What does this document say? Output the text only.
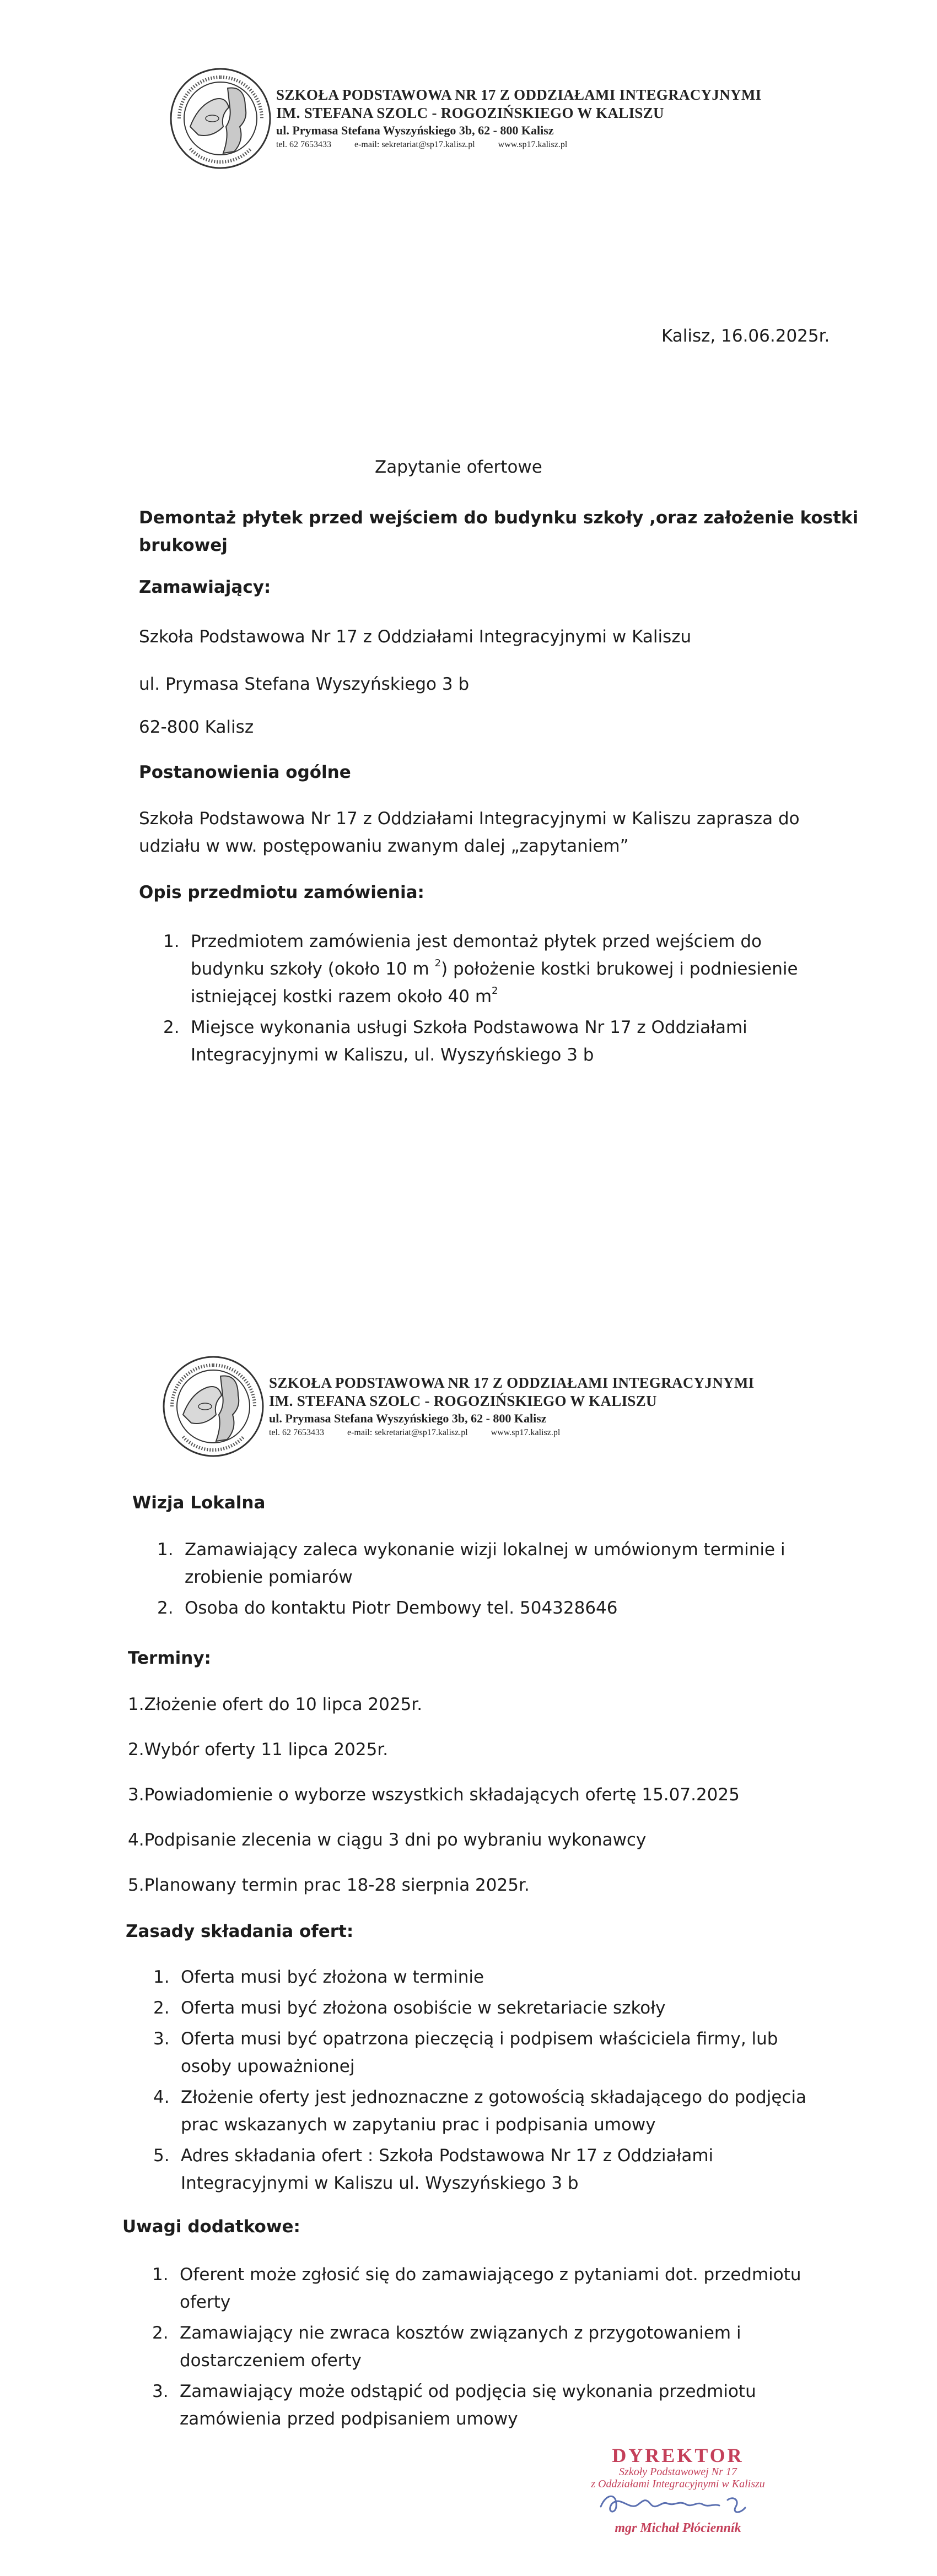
SZKOŁA PODSTAWOWA NR 17 Z ODDZIAŁAMI INTEGRACYJNYMI
IM. STEFANA SZOLC - ROGOZIŃSKIEGO W KALISZU
ul. Prymasa Stefana Wyszyńskiego 3b, 62 - 800 Kalisz
tel. 62 7653433	e-mail: sekretariat@sp17.kalisz.pl	www.sp17.kalisz.pl
Kalisz, 16.06.2025r.
Zapytanie ofertowe
Demontaż płytek przed wejściem do budynku szkoły ,oraz założenie kostki
brukowej
Zamawiający:
Szkoła Podstawowa Nr 17 z Oddziałami Integracyjnymi w Kaliszu
ul. Prymasa Stefana Wyszyńskiego 3 b
62-800 Kalisz
Postanowienia ogólne
Szkoła Podstawowa Nr 17 z Oddziałami Integracyjnymi w Kaliszu zaprasza do
udziału w ww. postępowaniu zwanym dalej „zapytaniem”
Opis przedmiotu zamówienia:
1. Przedmiotem zamówienia jest demontaż płytek przed wejściem do
budynku szkoły (około 10 m $^2$) położenie kostki brukowej i podniesienie
istniejącej kostki razem około 40 $m^2$
2. Miejsce wykonania usługi Szkoła Podstawowa Nr 17 z Oddziałami
Integracyjnymi w Kaliszu, ul. Wyszyńskiego 3 b
SZKOŁA PODSTAWOWA NR 17 Z ODDZIAŁAMI INTEGRACYJNYMI
IM. STEFANA SZOLC - ROGOZIŃSKIEGO W KALISZU
ul. Prymasa Stefana Wyszyńskiego 3b, 62 - 800 Kalisz
tel. 62 7653433	e-mail: sekretariat@sp17.kalisz.pl	www.sp17.kalisz.pl
Wizja Lokalna
1. Zamawiający zaleca wykonanie wizji lokalnej w umówionym terminie i
zrobienie pomiarów
2. Osoba do kontaktu Piotr Dembowy tel. 504328646
Terminy:
1.Złożenie ofert do 10 lipca 2025r.
2.Wybór oferty 11 lipca 2025r.
3.Powiadomienie o wyborze wszystkich składających ofertę 15.07.2025
4.Podpisanie zlecenia w ciągu 3 dni po wybraniu wykonawcy
5.Planowany termin prac 18-28 sierpnia 2025r.
Zasady składania ofert:
1. Oferta musi być złożona w terminie
2. Oferta musi być złożona osobiście w sekretariacie szkoły
3. Oferta musi być opatrzona pieczęcią i podpisem właściciela firmy, lub
osoby upoważnionej
4. Złożenie oferty jest jednoznaczne z gotowością składającego do podjęcia
prac wskazanych w zapytaniu prac i podpisania umowy
5. Adres składania ofert : Szkoła Podstawowa Nr 17 z Oddziałami
Integracyjnymi w Kaliszu ul. Wyszyńskiego 3 b
Uwagi dodatkowe:
1. Oferent może zgłosić się do zamawiającego z pytaniami dot. przedmiotu
oferty
2. Zamawiający nie zwraca kosztów związanych z przygotowaniem i
dostarczeniem oferty
3. Zamawiający może odstąpić od podjęcia się wykonania przedmiotu
zamówienia przed podpisaniem umowy
DYREKTOR
Szkoły Podstawowej Nr 17
z Oddziałami Integracyjnymi w Kaliszu
mgr Michał Płócienník
